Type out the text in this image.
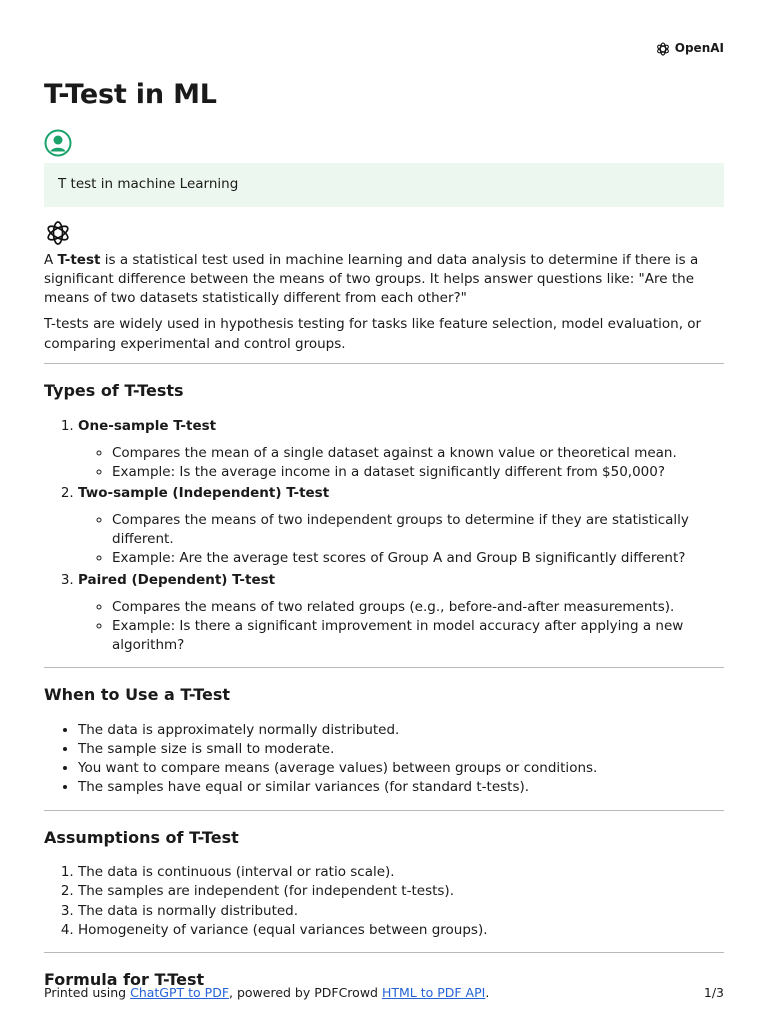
OpenAI
T-Test in ML
T test in machine Learning

A T-test is a statistical test used in machine learning and data analysis to determine if there is a significant difference between the means of two groups. It helps answer questions like: "Are the means of two datasets statistically different from each other?"

T-tests are widely used in hypothesis testing for tasks like feature selection, model evaluation, or comparing experimental and control groups.

Types of T-Tests
1. One-sample T-test
◦ Compares the mean of a single dataset against a known value or theoretical mean.
◦ Example: Is the average income in a dataset significantly different from $50,000?
2. Two-sample (Independent) T-test
◦ Compares the means of two independent groups to determine if they are statistically different.
◦ Example: Are the average test scores of Group A and Group B significantly different?
3. Paired (Dependent) T-test
◦ Compares the means of two related groups (e.g., before-and-after measurements).
◦ Example: Is there a significant improvement in model accuracy after applying a new algorithm?
When to Use a T-Test
• The data is approximately normally distributed.
• The sample size is small to moderate.
• You want to compare means (average values) between groups or conditions.
• The samples have equal or similar variances (for standard t-tests).
Assumptions of T-Test
1. The data is continuous (interval or ratio scale).
2. The samples are independent (for independent t-tests).
3. The data is normally distributed.
4. Homogeneity of variance (equal variances between groups).
Formula for T-Test
Printed using ChatGPT to PDF, powered by PDFCrowd HTML to PDF API.	1/3
